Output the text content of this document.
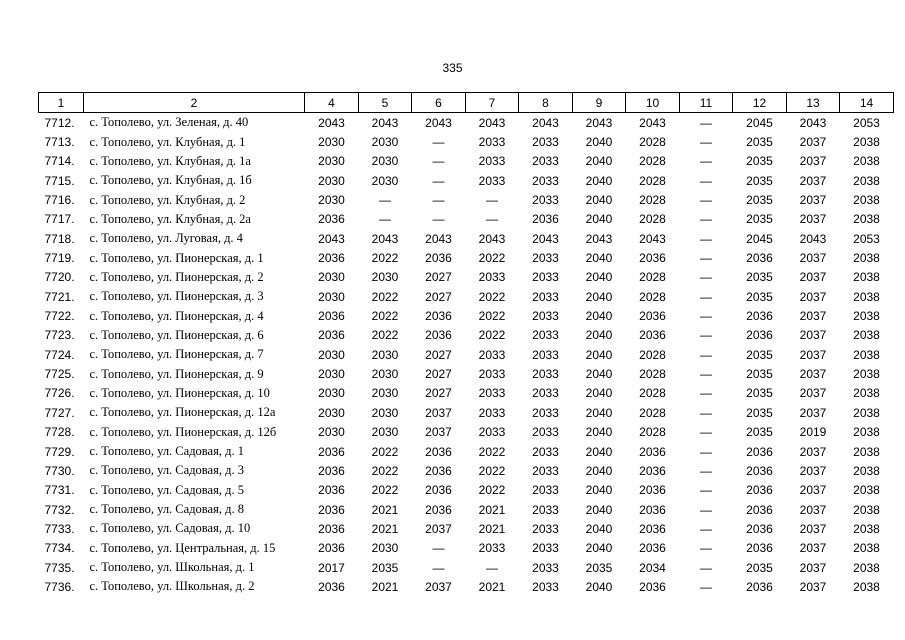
335
1	2	4	5	6	7	8	9	10	11	12	13	14
7712.	с. Тополево, ул. Зеленая, д. 40	2043	2043	2043	2043	2043	2043	2043	—	2045	2043	2053
7713.	с. Тополево, ул. Клубная, д. 1	2030	2030	—	2033	2033	2040	2028	—	2035	2037	2038
7714.	с. Тополево, ул. Клубная, д. 1а	2030	2030	—	2033	2033	2040	2028	—	2035	2037	2038
7715.	с. Тополево, ул. Клубная, д. 1б	2030	2030	—	2033	2033	2040	2028	—	2035	2037	2038
7716.	с. Тополево, ул. Клубная, д. 2	2030	—	—	—	2033	2040	2028	—	2035	2037	2038
7717.	с. Тополево, ул. Клубная, д. 2а	2036	—	—	—	2036	2040	2028	—	2035	2037	2038
7718.	с. Тополево, ул. Луговая, д. 4	2043	2043	2043	2043	2043	2043	2043	—	2045	2043	2053
7719.	с. Тополево, ул. Пионерская, д. 1	2036	2022	2036	2022	2033	2040	2036	—	2036	2037	2038
7720.	с. Тополево, ул. Пионерская, д. 2	2030	2030	2027	2033	2033	2040	2028	—	2035	2037	2038
7721.	с. Тополево, ул. Пионерская, д. 3	2030	2022	2027	2022	2033	2040	2028	—	2035	2037	2038
7722.	с. Тополево, ул. Пионерская, д. 4	2036	2022	2036	2022	2033	2040	2036	—	2036	2037	2038
7723.	с. Тополево, ул. Пионерская, д. 6	2036	2022	2036	2022	2033	2040	2036	—	2036	2037	2038
7724.	с. Тополево, ул. Пионерская, д. 7	2030	2030	2027	2033	2033	2040	2028	—	2035	2037	2038
7725.	с. Тополево, ул. Пионерская, д. 9	2030	2030	2027	2033	2033	2040	2028	—	2035	2037	2038
7726.	с. Тополево, ул. Пионерская, д. 10	2030	2030	2027	2033	2033	2040	2028	—	2035	2037	2038
7727.	с. Тополево, ул. Пионерская, д. 12а	2030	2030	2037	2033	2033	2040	2028	—	2035	2037	2038
7728.	с. Тополево, ул. Пионерская, д. 12б	2030	2030	2037	2033	2033	2040	2028	—	2035	2019	2038
7729.	с. Тополево, ул. Садовая, д. 1	2036	2022	2036	2022	2033	2040	2036	—	2036	2037	2038
7730.	с. Тополево, ул. Садовая, д. 3	2036	2022	2036	2022	2033	2040	2036	—	2036	2037	2038
7731.	с. Тополево, ул. Садовая, д. 5	2036	2022	2036	2022	2033	2040	2036	—	2036	2037	2038
7732.	с. Тополево, ул. Садовая, д. 8	2036	2021	2036	2021	2033	2040	2036	—	2036	2037	2038
7733.	с. Тополево, ул. Садовая, д. 10	2036	2021	2037	2021	2033	2040	2036	—	2036	2037	2038
7734.	с. Тополево, ул. Центральная, д. 15	2036	2030	—	2033	2033	2040	2036	—	2036	2037	2038
7735.	с. Тополево, ул. Школьная, д. 1	2017	2035	—	—	2033	2035	2034	—	2035	2037	2038
7736.	с. Тополево, ул. Школьная, д. 2	2036	2021	2037	2021	2033	2040	2036	—	2036	2037	2038
